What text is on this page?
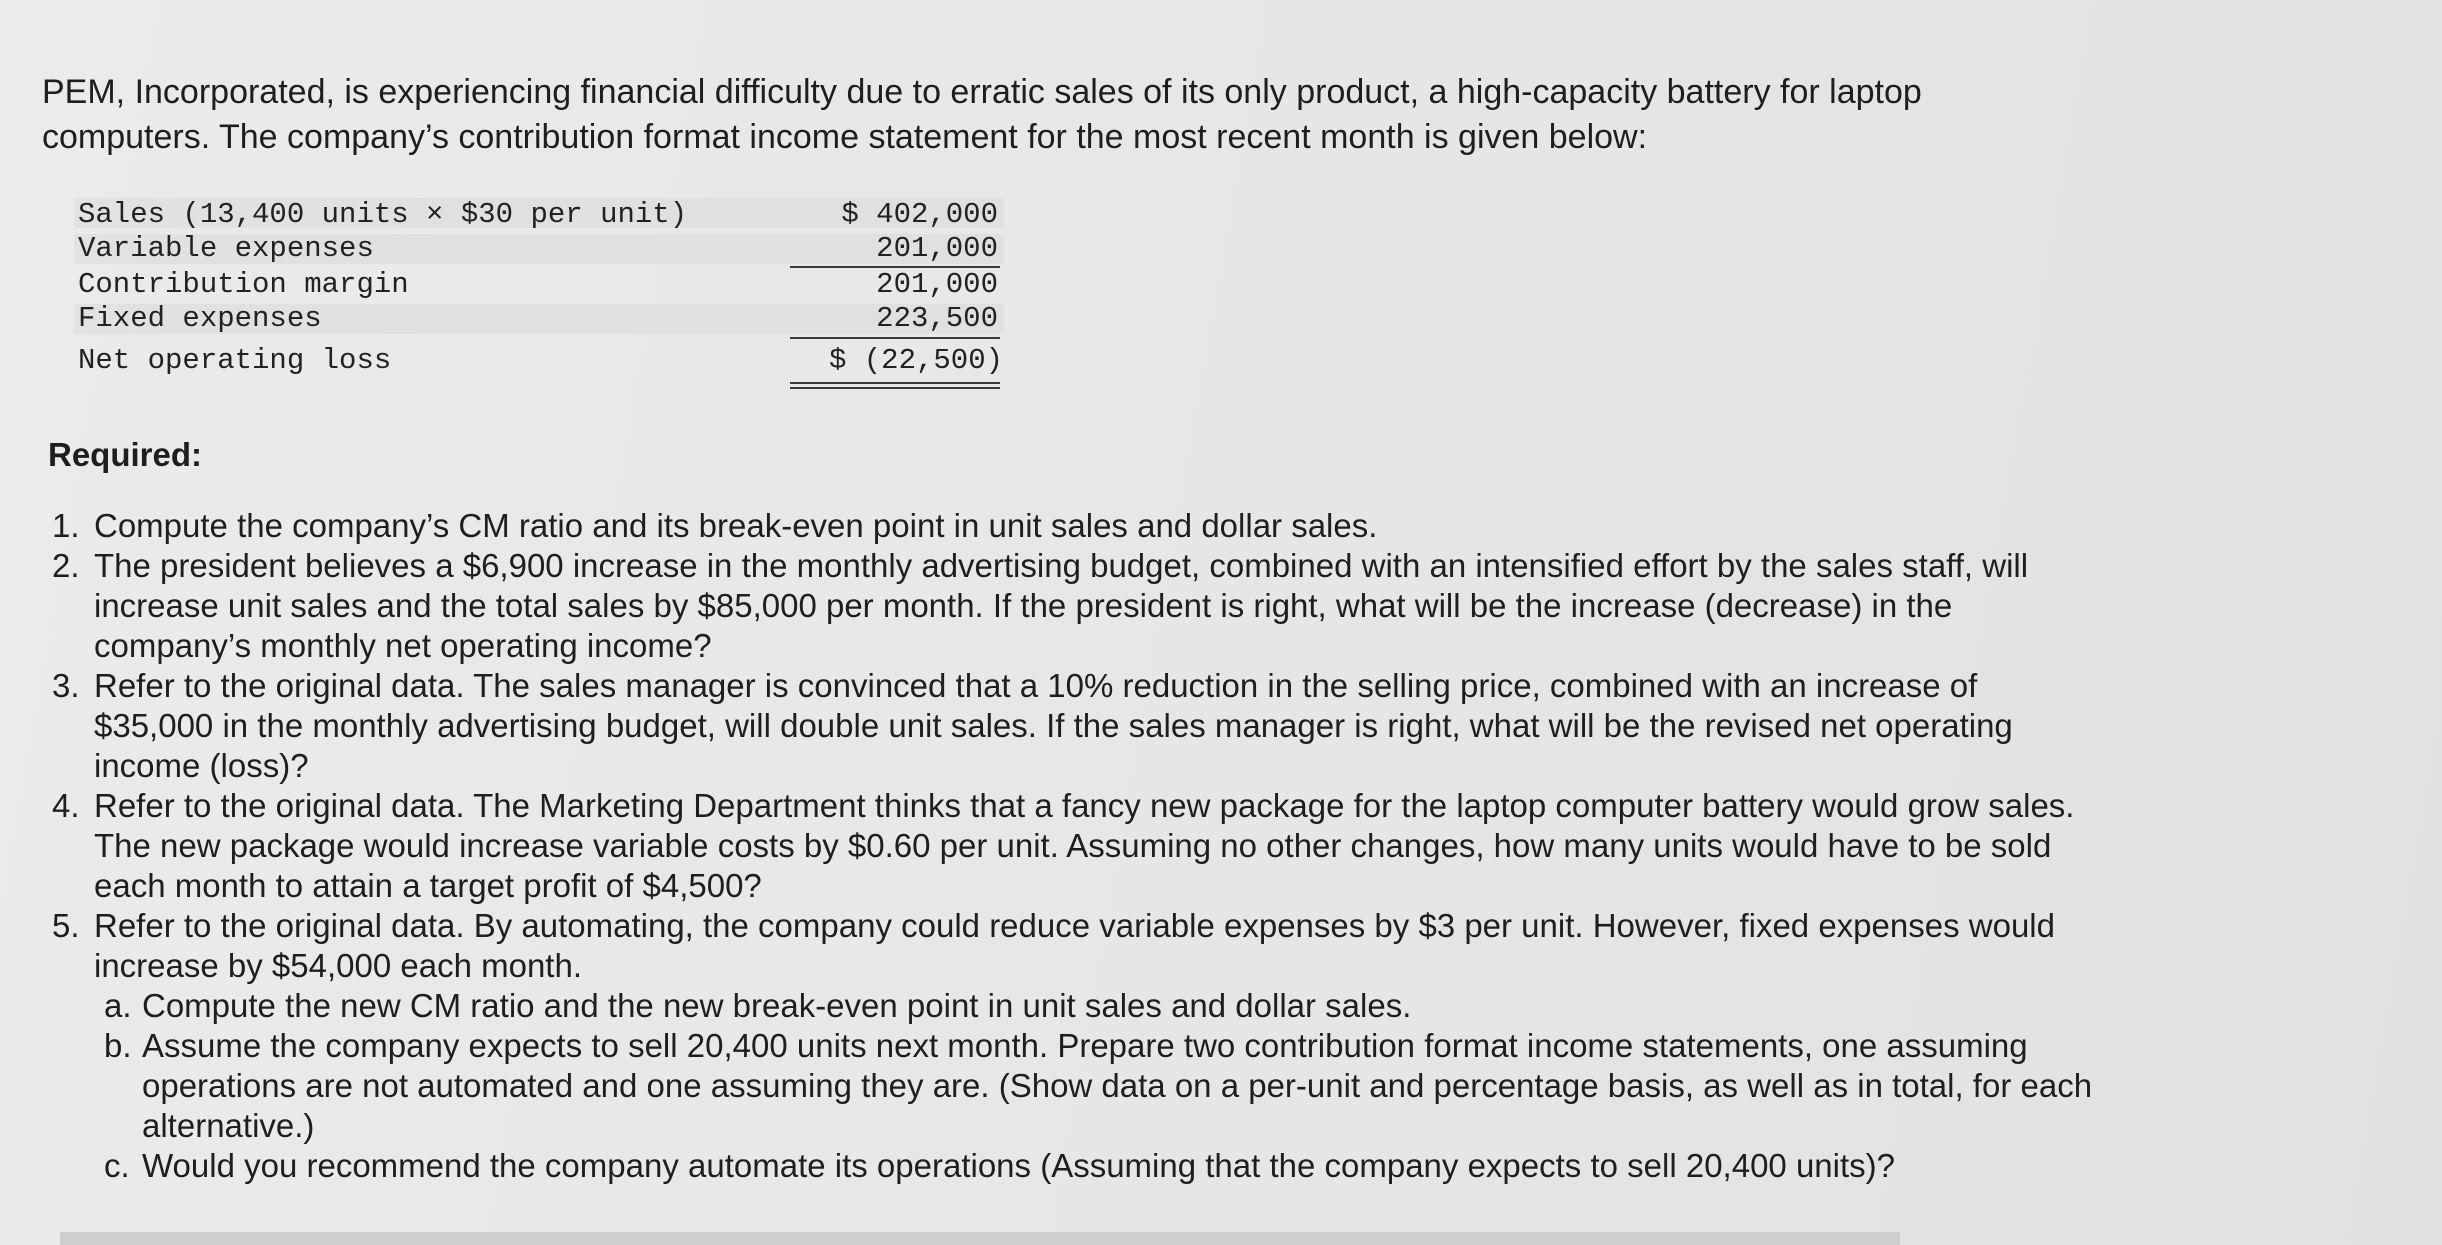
PEM, Incorporated, is experiencing financial difficulty due to erratic sales of its only product, a high-capacity battery for laptop computers. The company’s contribution format income statement for the most recent month is given below:
Sales (13,400 units × $30 per unit)	$ 402,000
Variable expenses	201,000
Contribution margin	201,000
Fixed expenses	223,500
Net operating loss	$ (22,500)
Required:
1. Compute the company’s CM ratio and its break-even point in unit sales and dollar sales.
2. The president believes a $6,900 increase in the monthly advertising budget, combined with an intensified effort by the sales staff, will increase unit sales and the total sales by $85,000 per month. If the president is right, what will be the increase (decrease) in the company’s monthly net operating income?
3. Refer to the original data. The sales manager is convinced that a 10% reduction in the selling price, combined with an increase of $35,000 in the monthly advertising budget, will double unit sales. If the sales manager is right, what will be the revised net operating income (loss)?
4. Refer to the original data. The Marketing Department thinks that a fancy new package for the laptop computer battery would grow sales. The new package would increase variable costs by $0.60 per unit. Assuming no other changes, how many units would have to be sold each month to attain a target profit of $4,500?
5. Refer to the original data. By automating, the company could reduce variable expenses by $3 per unit. However, fixed expenses would increase by $54,000 each month.
a. Compute the new CM ratio and the new break-even point in unit sales and dollar sales.
b. Assume the company expects to sell 20,400 units next month. Prepare two contribution format income statements, one assuming operations are not automated and one assuming they are. (Show data on a per-unit and percentage basis, as well as in total, for each alternative.)
c. Would you recommend the company automate its operations (Assuming that the company expects to sell 20,400 units)?
